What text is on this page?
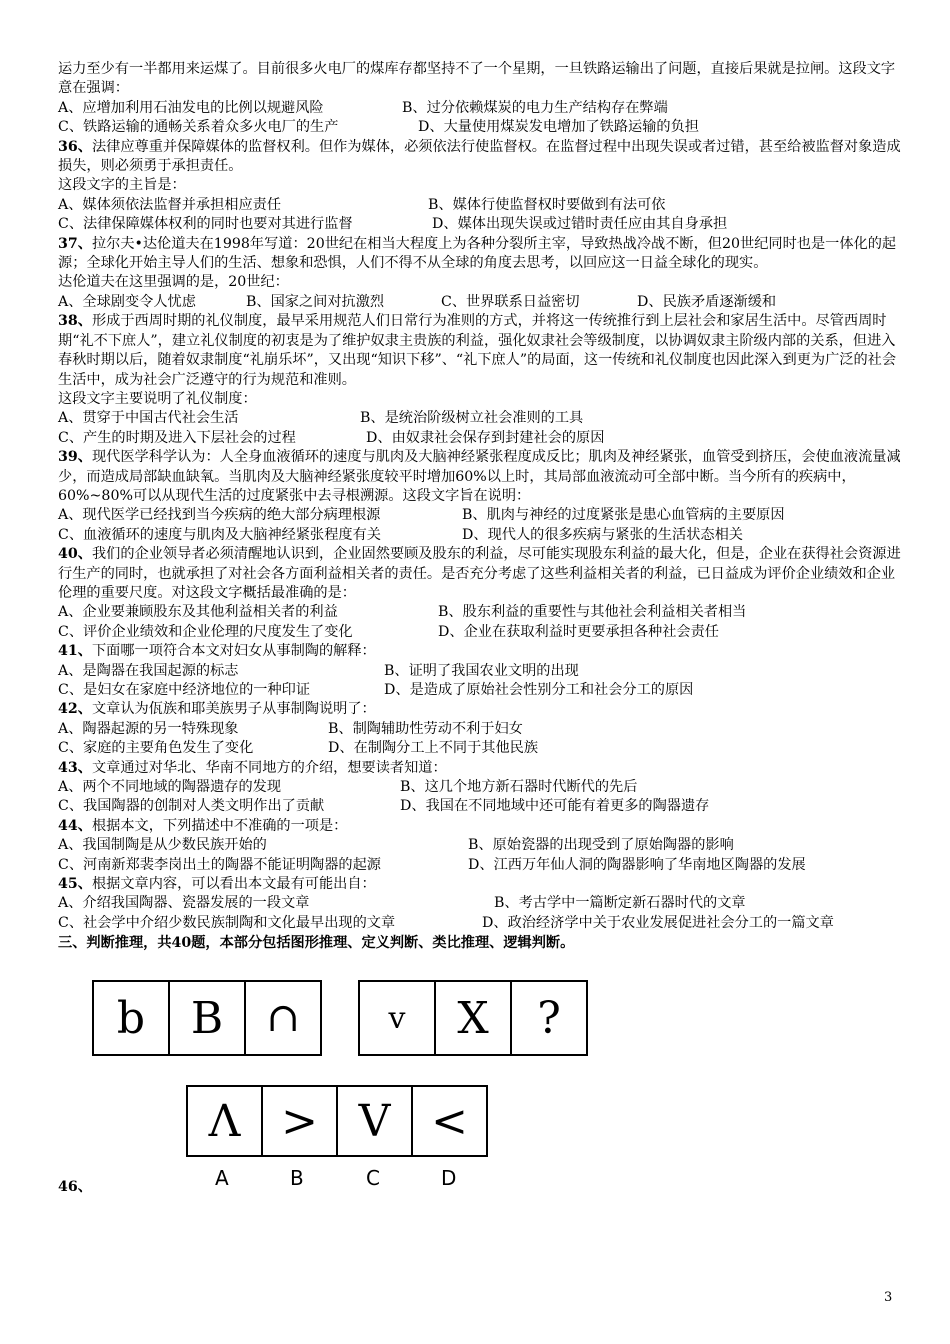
运力至少有一半都用来运煤了。目前很多火电厂的煤库存都坚持不了一个星期，一旦铁路运输出了问题，直接后果就是拉闸。这段文字意在强调：

A、应增加利用石油发电的比例以规避风险	B、过分依赖煤炭的电力生产结构存在弊端
C、铁路运输的通畅关系着众多火电厂的生产	D、大量使用煤炭发电增加了铁路运输的负担

36、法律应尊重并保障媒体的监督权利。但作为媒体，必须依法行使监督权。在监督过程中出现失误或者过错，甚至给被监督对象造成损失，则必须勇于承担责任。

这段文字的主旨是：

A、媒体须依法监督并承担相应责任	B、媒体行使监督权时要做到有法可依
C、法律保障媒体权利的同时也要对其进行监督	D、媒体出现失误或过错时责任应由其自身承担

37、拉尔夫•达伦道夫在1998年写道：20世纪在相当大程度上为各种分裂所主宰，导致热战冷战不断，但20世纪同时也是一体化的起源；全球化开始主导人们的生活、想象和恐惧，人们不得不从全球的角度去思考，以回应这一日益全球化的现实。

达伦道夫在这里强调的是，20世纪：

A、全球剧变令人忧虑	B、国家之间对抗激烈	C、世界联系日益密切	D、民族矛盾逐渐缓和

38、形成于西周时期的礼仪制度，最早采用规范人们日常行为准则的方式，并将这一传统推行到上层社会和家居生活中。尽管西周时期“礼不下庶人”，建立礼仪制度的初衷是为了维护奴隶主贵族的利益，强化奴隶社会等级制度，以协调奴隶主阶级内部的关系，但进入春秋时期以后，随着奴隶制度“礼崩乐坏”，又出现“知识下移”、“礼下庶人”的局面，这一传统和礼仪制度也因此深入到更为广泛的社会生活中，成为社会广泛遵守的行为规范和准则。

这段文字主要说明了礼仪制度：

A、贯穿于中国古代社会生活	B、是统治阶级树立社会准则的工具
C、产生的时期及进入下层社会的过程	D、由奴隶社会保存到封建社会的原因

39、现代医学科学认为：人全身血液循环的速度与肌肉及大脑神经紧张程度成反比；肌肉及神经紧张，血管受到挤压，会使血液流量减少，而造成局部缺血缺氧。当肌肉及大脑神经紧张度较平时增加60%以上时，其局部血液流动可全部中断。当今所有的疾病中，60%~80%可以从现代生活的过度紧张中去寻根溯源。这段文字旨在说明：

A、现代医学已经找到当今疾病的绝大部分病理根源	B、肌肉与神经的过度紧张是患心血管病的主要原因
C、血液循环的速度与肌肉及大脑神经紧张程度有关	D、现代人的很多疾病与紧张的生活状态相关

40、我们的企业领导者必须清醒地认识到，企业固然要顾及股东的利益，尽可能实现股东利益的最大化，但是，企业在获得社会资源进行生产的同时，也就承担了对社会各方面利益相关者的责任。是否充分考虑了这些利益相关者的利益，已日益成为评价企业绩效和企业伦理的重要尺度。对这段文字概括最准确的是：

A、企业要兼顾股东及其他利益相关者的利益	B、股东利益的重要性与其他社会利益相关者相当
C、评价企业绩效和企业伦理的尺度发生了变化	D、企业在获取利益时更要承担各种社会责任

41、下面哪一项符合本文对妇女从事制陶的解释：

A、是陶器在我国起源的标志	B、证明了我国农业文明的出现
C、是妇女在家庭中经济地位的一种印证	D、是造成了原始社会性别分工和社会分工的原因

42、文章认为佤族和耶美族男子从事制陶说明了：

A、陶器起源的另一特殊现象	B、制陶辅助性劳动不利于妇女
C、家庭的主要角色发生了变化	D、在制陶分工上不同于其他民族

43、文章通过对华北、华南不同地方的介绍，想要读者知道：

A、两个不同地域的陶器遗存的发现	B、这几个地方新石器时代断代的先后
C、我国陶器的创制对人类文明作出了贡献	D、我国在不同地域中还可能有着更多的陶器遗存

44、根据本文，下列描述中不准确的一项是：

A、我国制陶是从少数民族开始的	B、原始瓷器的出现受到了原始陶器的影响
C、河南新郑裴李岗出土的陶器不能证明陶器的起源	D、江西万年仙人洞的陶器影响了华南地区陶器的发展

45、根据文章内容，可以看出本文最有可能出自：

A、介绍我国陶器、瓷器发展的一段文章	B、考古学中一篇断定新石器时代的文章
C、社会学中介绍少数民族制陶和文化最早出现的文章	D、政治经济学中关于农业发展促进社会分工的一篇文章

三、判断推理，共40题，本部分包括图形推理、定义判断、类比推理、逻辑判断。

b	B	∩	v	X	?
Λ > V <
A	B	C	D
46、
3
